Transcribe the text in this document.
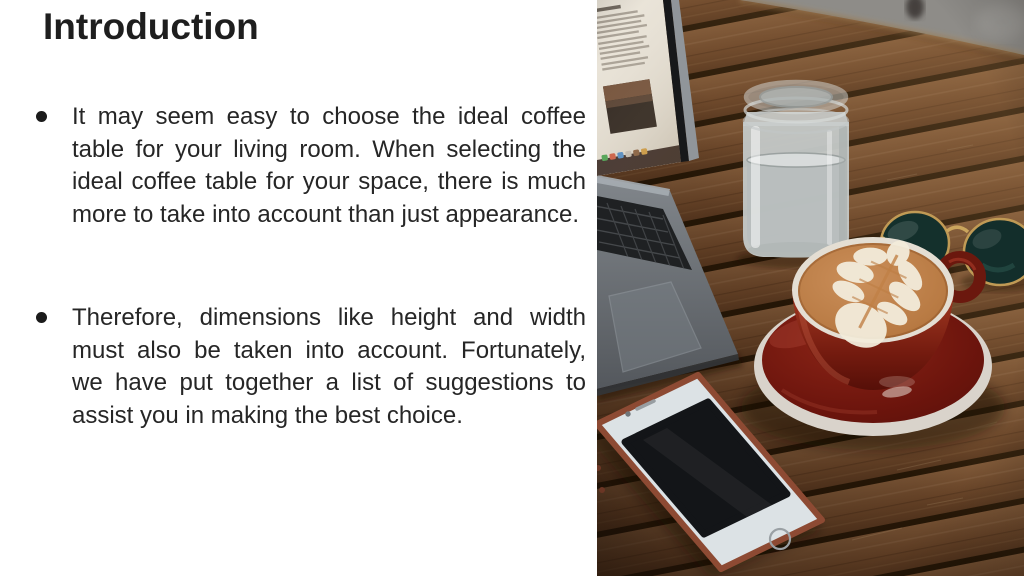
Introduction
It may seem easy to choose the ideal coffee
table for your living room. When selecting the
ideal coffee table for your space, there is much
more to take into account than just appearance.
Therefore, dimensions like height and width
must also be taken into account. Fortunately,
we have put together a list of suggestions to
assist you in making the best choice.
